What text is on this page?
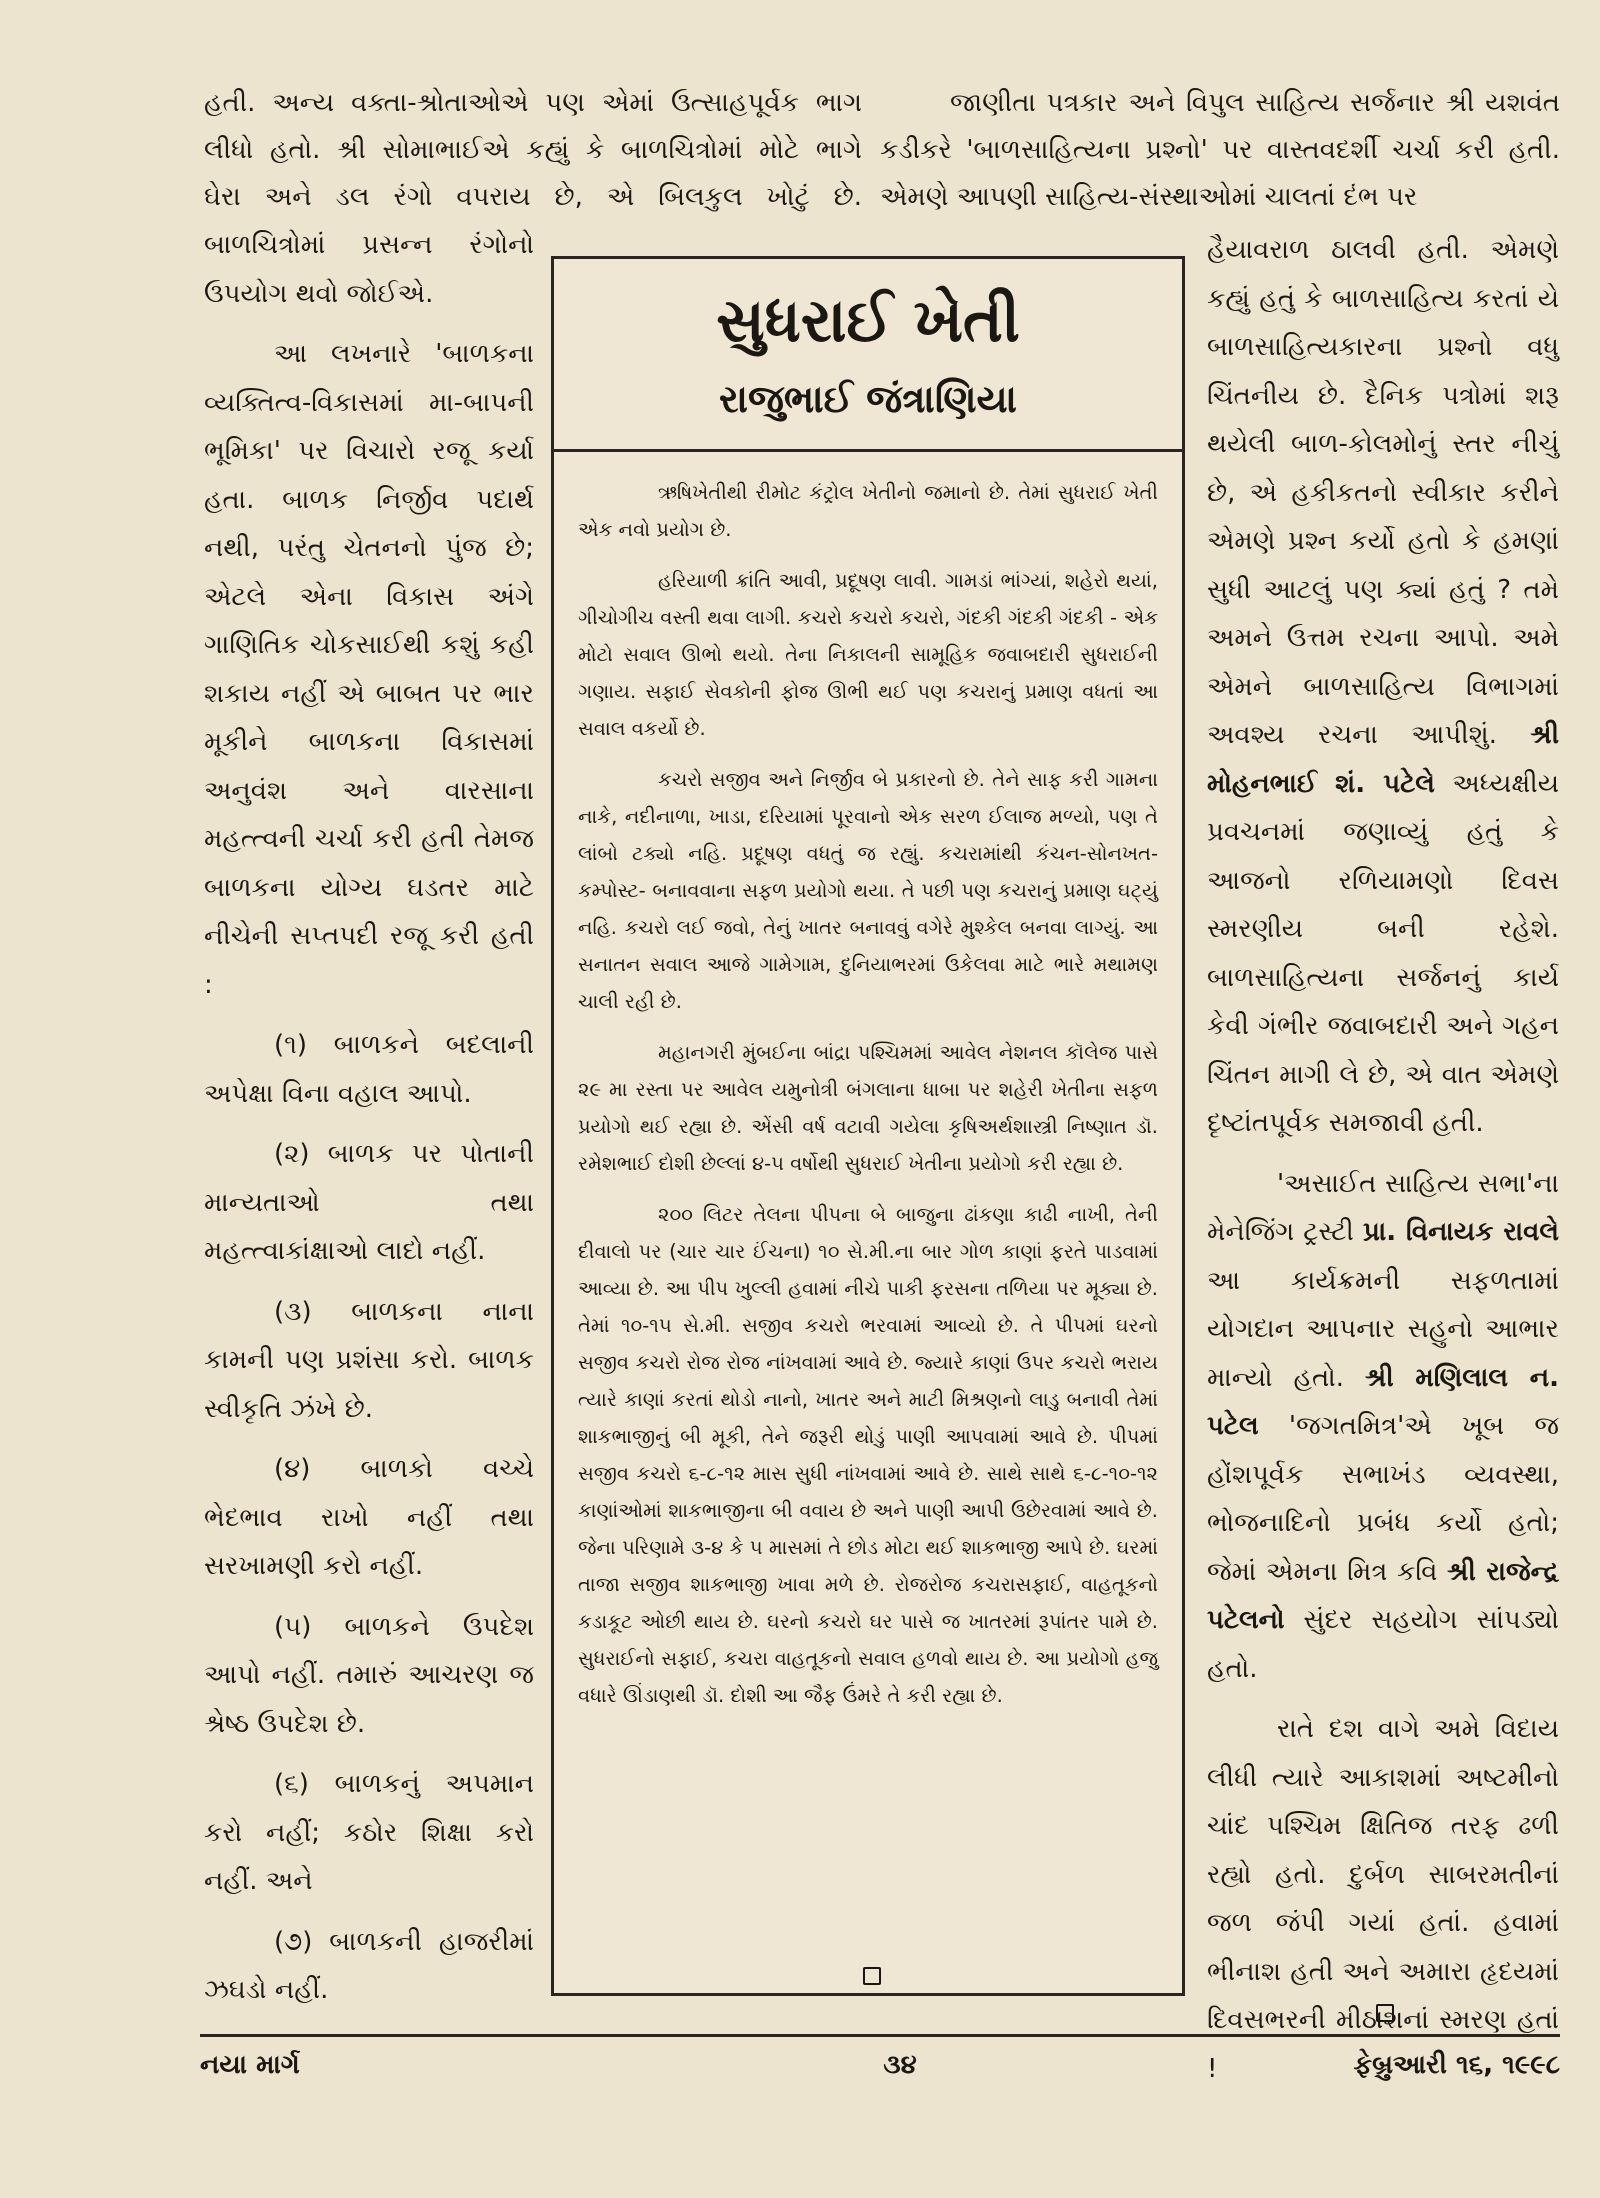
હતી. અન્ય વક્તા-શ્રોતાઓએ પણ એમાં ઉત્સાહપૂર્વક ભાગ
લીધો હતો. શ્રી સોમાભાઈએ કહ્યું કે બાળચિત્રોમાં મોટે ભાગે
ઘેરા અને ડલ રંગો વપરાય છે, એ બિલકુલ ખોટું છે.

બાળચિત્રોમાં પ્રસન્ન રંગોનો ઉપયોગ થવો જોઈએ.

આ લખનારે 'બાળકના વ્યક્તિત્વ-વિકાસમાં મા-બાપની ભૂમિકા' પર વિચારો રજૂ કર્યા હતા. બાળક નિર્જીવ પદાર્થ નથી, પરંતુ ચેતનનો પુંજ છે; એટલે એના વિકાસ અંગે ગાણિતિક ચોકસાઈથી કશું કહી શકાય નહીં એ બાબત પર ભાર મૂકીને બાળકના વિકાસમાં અનુવંશ અને વારસાના મહત્ત્વની ચર્ચા કરી હતી તેમજ બાળકના યોગ્ય ઘડતર માટે નીચેની સપ્તપદી રજૂ કરી હતી :

(૧) બાળકને બદલાની અપેક્ષા વિના વહાલ આપો.

(૨) બાળક પર પોતાની માન્યતાઓ તથા મહત્ત્વાકાંક્ષાઓ લાદો નહીં.

(૩) બાળકના નાના કામની પણ પ્રશંસા કરો. બાળક સ્વીકૃતિ ઝંખે છે.

(૪) બાળકો વચ્ચે ભેદભાવ રાખો નહીં તથા સરખામણી કરો નહીં.

(૫) બાળકને ઉપદેશ આપો નહીં. તમારું આચરણ જ શ્રેષ્ઠ ઉપદેશ છે.

(૬) બાળકનું અપમાન કરો નહીં; કઠોર શિક્ષા કરો નહીં. અને

(૭) બાળકની હાજરીમાં ઝઘડો નહીં.

જાણીતા પત્રકાર અને વિપુલ સાહિત્ય સર્જનાર શ્રી યશવંત કડીકરે 'બાળસાહિત્યના પ્રશ્નો' પર વાસ્તવદર્શી ચર્ચા કરી હતી. એમણે આપણી સાહિત્ય-સંસ્થાઓમાં ચાલતાં દંભ પર

હૈયાવરાળ ઠાલવી હતી. એમણે કહ્યું હતું કે બાળસાહિત્ય કરતાં યે બાળસાહિત્યકારના પ્રશ્નો વધુ ચિંતનીય છે. દૈનિક પત્રોમાં શરૂ થયેલી બાળ-કોલમોનું સ્તર નીચું છે, એ હકીકતનો સ્વીકાર કરીને એમણે પ્રશ્ન કર્યો હતો કે હમણાં સુધી આટલું પણ ક્યાં હતું ? તમે અમને ઉત્તમ રચના આપો. અમે એમને બાળસાહિત્ય વિભાગમાં અવશ્ય રચના આપીશું. શ્રી મોહનભાઈ શં. પટેલે અધ્યક્ષીય પ્રવચનમાં જણાવ્યું હતું કે આજનો રળિયામણો દિવસ સ્મરણીય બની રહેશે. બાળસાહિત્યના સર્જનનું કાર્ય કેવી ગંભીર જવાબદારી અને ગહન ચિંતન માગી લે છે, એ વાત એમણે દૃષ્ટાંતપૂર્વક સમજાવી હતી.

'અસાઈત સાહિત્ય સભા'ના મેનેજિંગ ટ્રસ્ટી પ્રા. વિનાયક રાવલે આ કાર્યક્રમની સફળતામાં યોગદાન આપનાર સહુનો આભાર માન્યો હતો. શ્રી મણિલાલ ન. પટેલ 'જગતમિત્ર'એ ખૂબ જ હોંશપૂર્વક સભાખંડ વ્યવસ્થા, ભોજનાદિનો પ્રબંધ કર્યો હતો; જેમાં એમના મિત્ર કવિ શ્રી રાજેન્દ્ર પટેલનો સુંદર સહયોગ સાંપડ્યો હતો.

રાતે દશ વાગે અમે વિદાય લીધી ત્યારે આકાશમાં અષ્ટમીનો ચાંદ પશ્ચિમ ક્ષિતિજ તરફ ઢળી રહ્યો હતો. દુર્બળ સાબરમતીનાં જળ જંપી ગયાં હતાં. હવામાં ભીનાશ હતી અને અમારા હૃદયમાં દિવસભરની મીઠાશનાં સ્મરણ હતાં !

સુધરાઈ ખેતી
રાજુભાઈ જંત્રાણિયા

ઋષિખેતીથી રીમોટ કંટ્રોલ ખેતીનો જમાનો છે. તેમાં સુધરાઈ ખેતી એક નવો પ્રયોગ છે.

હરિયાળી ક્રાંતિ આવી, પ્રદૂષણ લાવી. ગામડાં ભાંગ્યાં, શહેરો થયાં, ગીચોગીચ વસ્તી થવા લાગી. કચરો કચરો કચરો, ગંદકી ગંદકી ગંદકી - એક મોટો સવાલ ઊભો થયો. તેના નિકાલની સામૂહિક જવાબદારી સુધરાઈની ગણાય. સફાઈ સેવકોની ફોજ ઊભી થઈ પણ કચરાનું પ્રમાણ વધતાં આ સવાલ વકર્યો છે.

કચરો સજીવ અને નિર્જીવ બે પ્રકારનો છે. તેને સાફ કરી ગામના નાકે, નદીનાળા, ખાડા, દરિયામાં પૂરવાનો એક સરળ ઈલાજ મળ્યો, પણ તે લાંબો ટક્યો નહિ. પ્રદૂષણ વધતું જ રહ્યું. કચરામાંથી કંચન-સોનખત- કમ્પોસ્ટ- બનાવવાના સફળ પ્રયોગો થયા. તે પછી પણ કચરાનું પ્રમાણ ઘટ્યું નહિ. કચરો લઈ જવો, તેનું ખાતર બનાવવું વગેરે મુશ્કેલ બનવા લાગ્યું. આ સનાતન સવાલ આજે ગામેગામ, દુનિયાભરમાં ઉકેલવા માટે ભારે મથામણ ચાલી રહી છે.

મહાનગરી મુંબઈના બાંદ્રા પશ્ચિમમાં આવેલ નેશનલ કૉલેજ પાસે ૨૯ મા રસ્તા પર આવેલ યમુનોત્રી બંગલાના ધાબા પર શહેરી ખેતીના સફળ પ્રયોગો થઈ રહ્યા છે. એંસી વર્ષ વટાવી ગયેલા કૃષિઅર્થશાસ્ત્રી નિષ્ણાત ડૉ. રમેશભાઈ દોશી છેલ્લાં ૪-૫ વર્ષોથી સુધરાઈ ખેતીના પ્રયોગો કરી રહ્યા છે.

૨૦૦ લિટર તેલના પીપના બે બાજુના ઢાંકણા કાઢી નાખી, તેની દીવાલો પર (ચાર ચાર ઈંચના) ૧૦ સે.મી.ના બાર ગોળ કાણાં ફરતે પાડવામાં આવ્યા છે. આ પીપ ખુલ્લી હવામાં નીચે પાકી ફરસના તળિયા પર મૂક્યા છે. તેમાં ૧૦-૧૫ સે.મી. સજીવ કચરો ભરવામાં આવ્યો છે. તે પીપમાં ઘરનો સજીવ કચરો રોજ રોજ નાંખવામાં આવે છે. જ્યારે કાણાં ઉપર કચરો ભરાય ત્યારે કાણાં કરતાં થોડો નાનો, ખાતર અને માટી મિશ્રણનો લાડુ બનાવી તેમાં શાકભાજીનું બી મૂકી, તેને જરૂરી થોડું પાણી આપવામાં આવે છે. પીપમાં સજીવ કચરો ૬-૮-૧૨ માસ સુધી નાંખવામાં આવે છે. સાથે સાથે ૬-૮-૧૦-૧૨ કાણાંઓમાં શાકભાજીના બી વવાય છે અને પાણી આપી ઉછેરવામાં આવે છે. જેના પરિણામે ૩-૪ કે ૫ માસમાં તે છોડ મોટા થઈ શાકભાજી આપે છે. ઘરમાં તાજા સજીવ શાકભાજી ખાવા મળે છે. રોજરોજ કચરાસફાઈ, વાહતૂકનો કડાકૂટ ઓછી થાય છે. ઘરનો કચરો ઘર પાસે જ ખાતરમાં રૂપાંતર પામે છે. સુધરાઈનો સફાઈ, કચરા વાહતૂકનો સવાલ હળવો થાય છે. આ પ્રયોગો હજુ વધારે ઊંડાણથી ડૉ. દોશી આ જૈફ ઉંમરે તે કરી રહ્યા છે.

નયા માર્ગ	૩૪	ફેબ્રુઆરી ૧૬, ૧૯૯૮
